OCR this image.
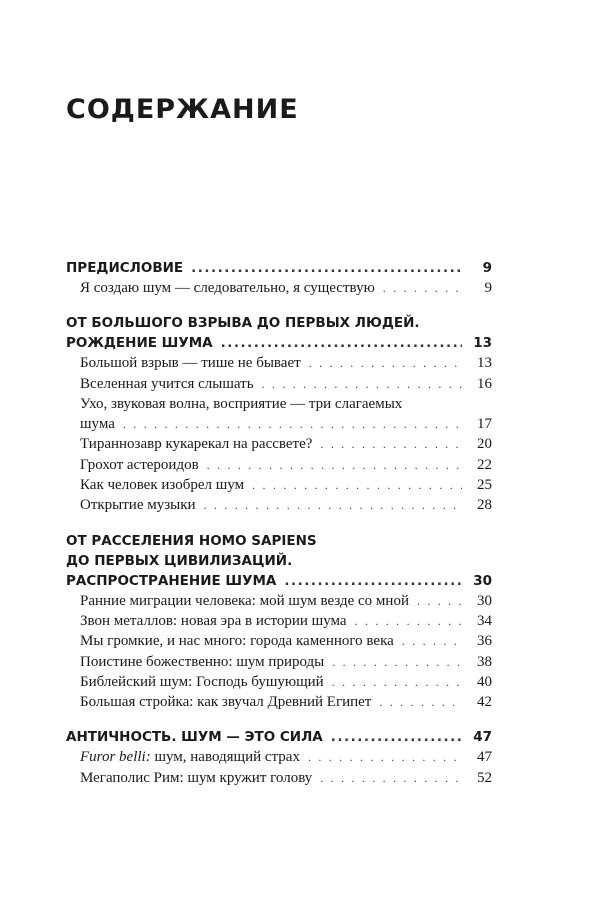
СОДЕРЖАНИЕ
ПРЕДИСЛОВИЕ .....	9
Я создаю шум — следовательно, я существую . . .	9
ОТ БОЛЬШОГО ВЗРЫВА ДО ПЕРВЫХ ЛЮДЕЙ.
РОЖДЕНИЕ ШУМА .....	13
Большой взрыв — тише не бывает . . .	13
Вселенная учится слышать . . .	16
Ухо, звуковая волна, восприятие — три слагаемых
шума . . .	17
Тираннозавр кукарекал на рассвете? . . .	20
Грохот астероидов . . .	22
Как человек изобрел шум . . .	25
Открытие музыки . . .	28
ОТ РАССЕЛЕНИЯ HOMO SAPIENS
ДО ПЕРВЫХ ЦИВИЛИЗАЦИЙ.
РАСПРОСТРАНЕНИЕ ШУМА .....	30
Ранние миграции человека: мой шум везде со мной . . .	30
Звон металлов: новая эра в истории шума . . .	34
Мы громкие, и нас много: города каменного века . . .	36
Поистине божественно: шум природы . . .	38
Библейский шум: Господь бушующий . . .	40
Большая стройка: как звучал Древний Египет . . .	42
АНТИЧНОСТЬ. ШУМ — ЭТО СИЛА .....	47
Furor belli: шум, наводящий страх . . .	47
Мегаполис Рим: шум кружит голову . . .	52
